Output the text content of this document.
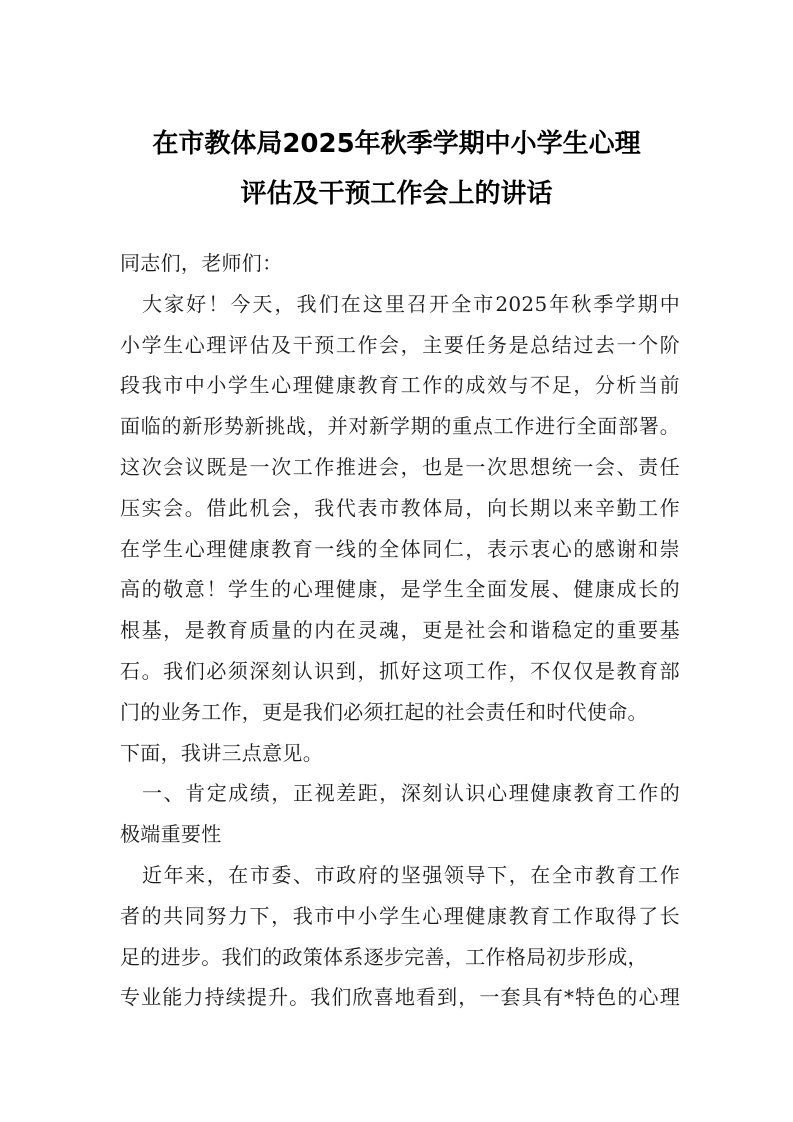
在市教体局2025年秋季学期中小学生心理
评估及干预工作会上的讲话
同志们，老师们：
大家好！今天，我们在这里召开全市2025年秋季学期中
小学生心理评估及干预工作会，主要任务是总结过去一个阶
段我市中小学生心理健康教育工作的成效与不足，分析当前
面临的新形势新挑战，并对新学期的重点工作进行全面部署。
这次会议既是一次工作推进会，也是一次思想统一会、责任
压实会。借此机会，我代表市教体局，向长期以来辛勤工作
在学生心理健康教育一线的全体同仁，表示衷心的感谢和崇
高的敬意！学生的心理健康，是学生全面发展、健康成长的
根基，是教育质量的内在灵魂，更是社会和谐稳定的重要基
石。我们必须深刻认识到，抓好这项工作，不仅仅是教育部
门的业务工作，更是我们必须扛起的社会责任和时代使命。
下面，我讲三点意见。
一、肯定成绩，正视差距，深刻认识心理健康教育工作的
极端重要性
近年来，在市委、市政府的坚强领导下，在全市教育工作
者的共同努力下，我市中小学生心理健康教育工作取得了长
足的进步。我们的政策体系逐步完善，工作格局初步形成，
专业能力持续提升。我们欣喜地看到，一套具有*特色的心理
